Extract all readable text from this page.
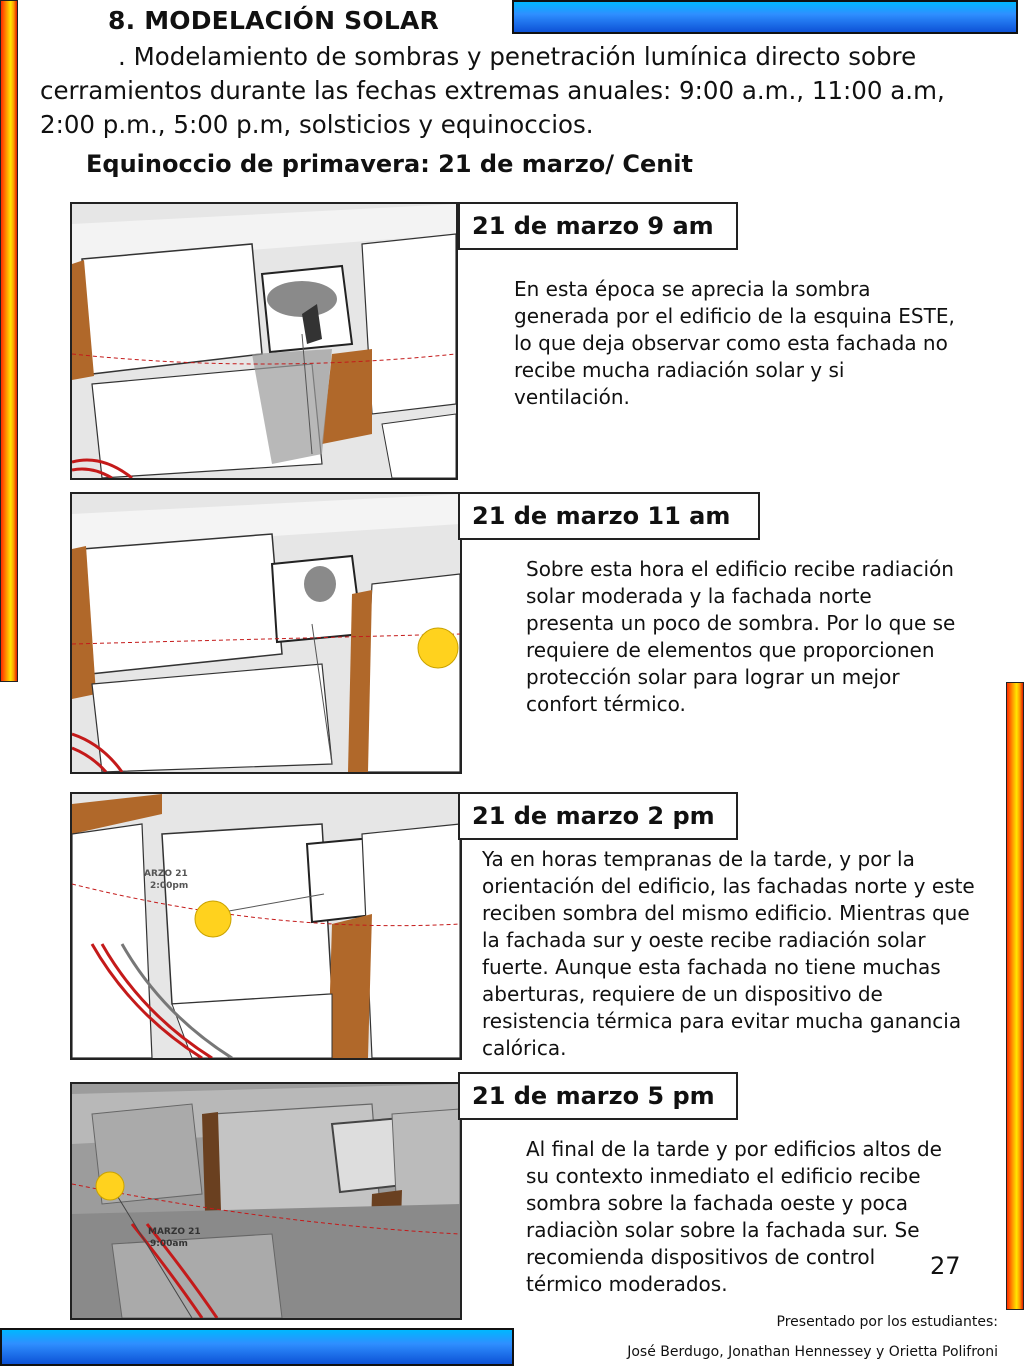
8. MODELACIÓN SOLAR
. Modelamiento de sombras y penetración lumínica directo sobre cerramientos durante las fechas extremas anuales: 9:00 a.m., 11:00 a.m, 2:00 p.m., 5:00 p.m, solsticios y equinoccios.
Equinoccio de primavera: 21 de marzo/ Cenit
21 de marzo 9 am
En esta época se aprecia la sombra generada por el edificio de la esquina ESTE, lo que deja observar como esta fachada no recibe mucha radiación solar y si ventilación.
21 de marzo 11 am
Sobre esta hora el edificio recibe radiación solar moderada y la fachada norte presenta un poco de sombra. Por lo que se requiere de elementos que proporcionen protección solar para lograr un mejor confort térmico.
ARZO 21
2:00pm
21 de marzo 2 pm
Ya en horas tempranas de la tarde, y por la orientación del edificio, las fachadas norte y este reciben sombra del mismo edificio. Mientras que la fachada sur y oeste recibe radiación solar fuerte. Aunque esta fachada no tiene muchas aberturas, requiere de un dispositivo de resistencia térmica para evitar mucha ganancia calórica.
MARZO 21
9:00am
21 de marzo 5 pm
Al final de la tarde y por edificios altos de su contexto inmediato el edificio recibe sombra sobre la fachada oeste y poca radiaciòn solar sobre la fachada sur. Se recomienda dispositivos de control térmico moderados.
27
Presentado por los estudiantes:
José Berdugo, Jonathan Hennessey y Orietta Polifroni
